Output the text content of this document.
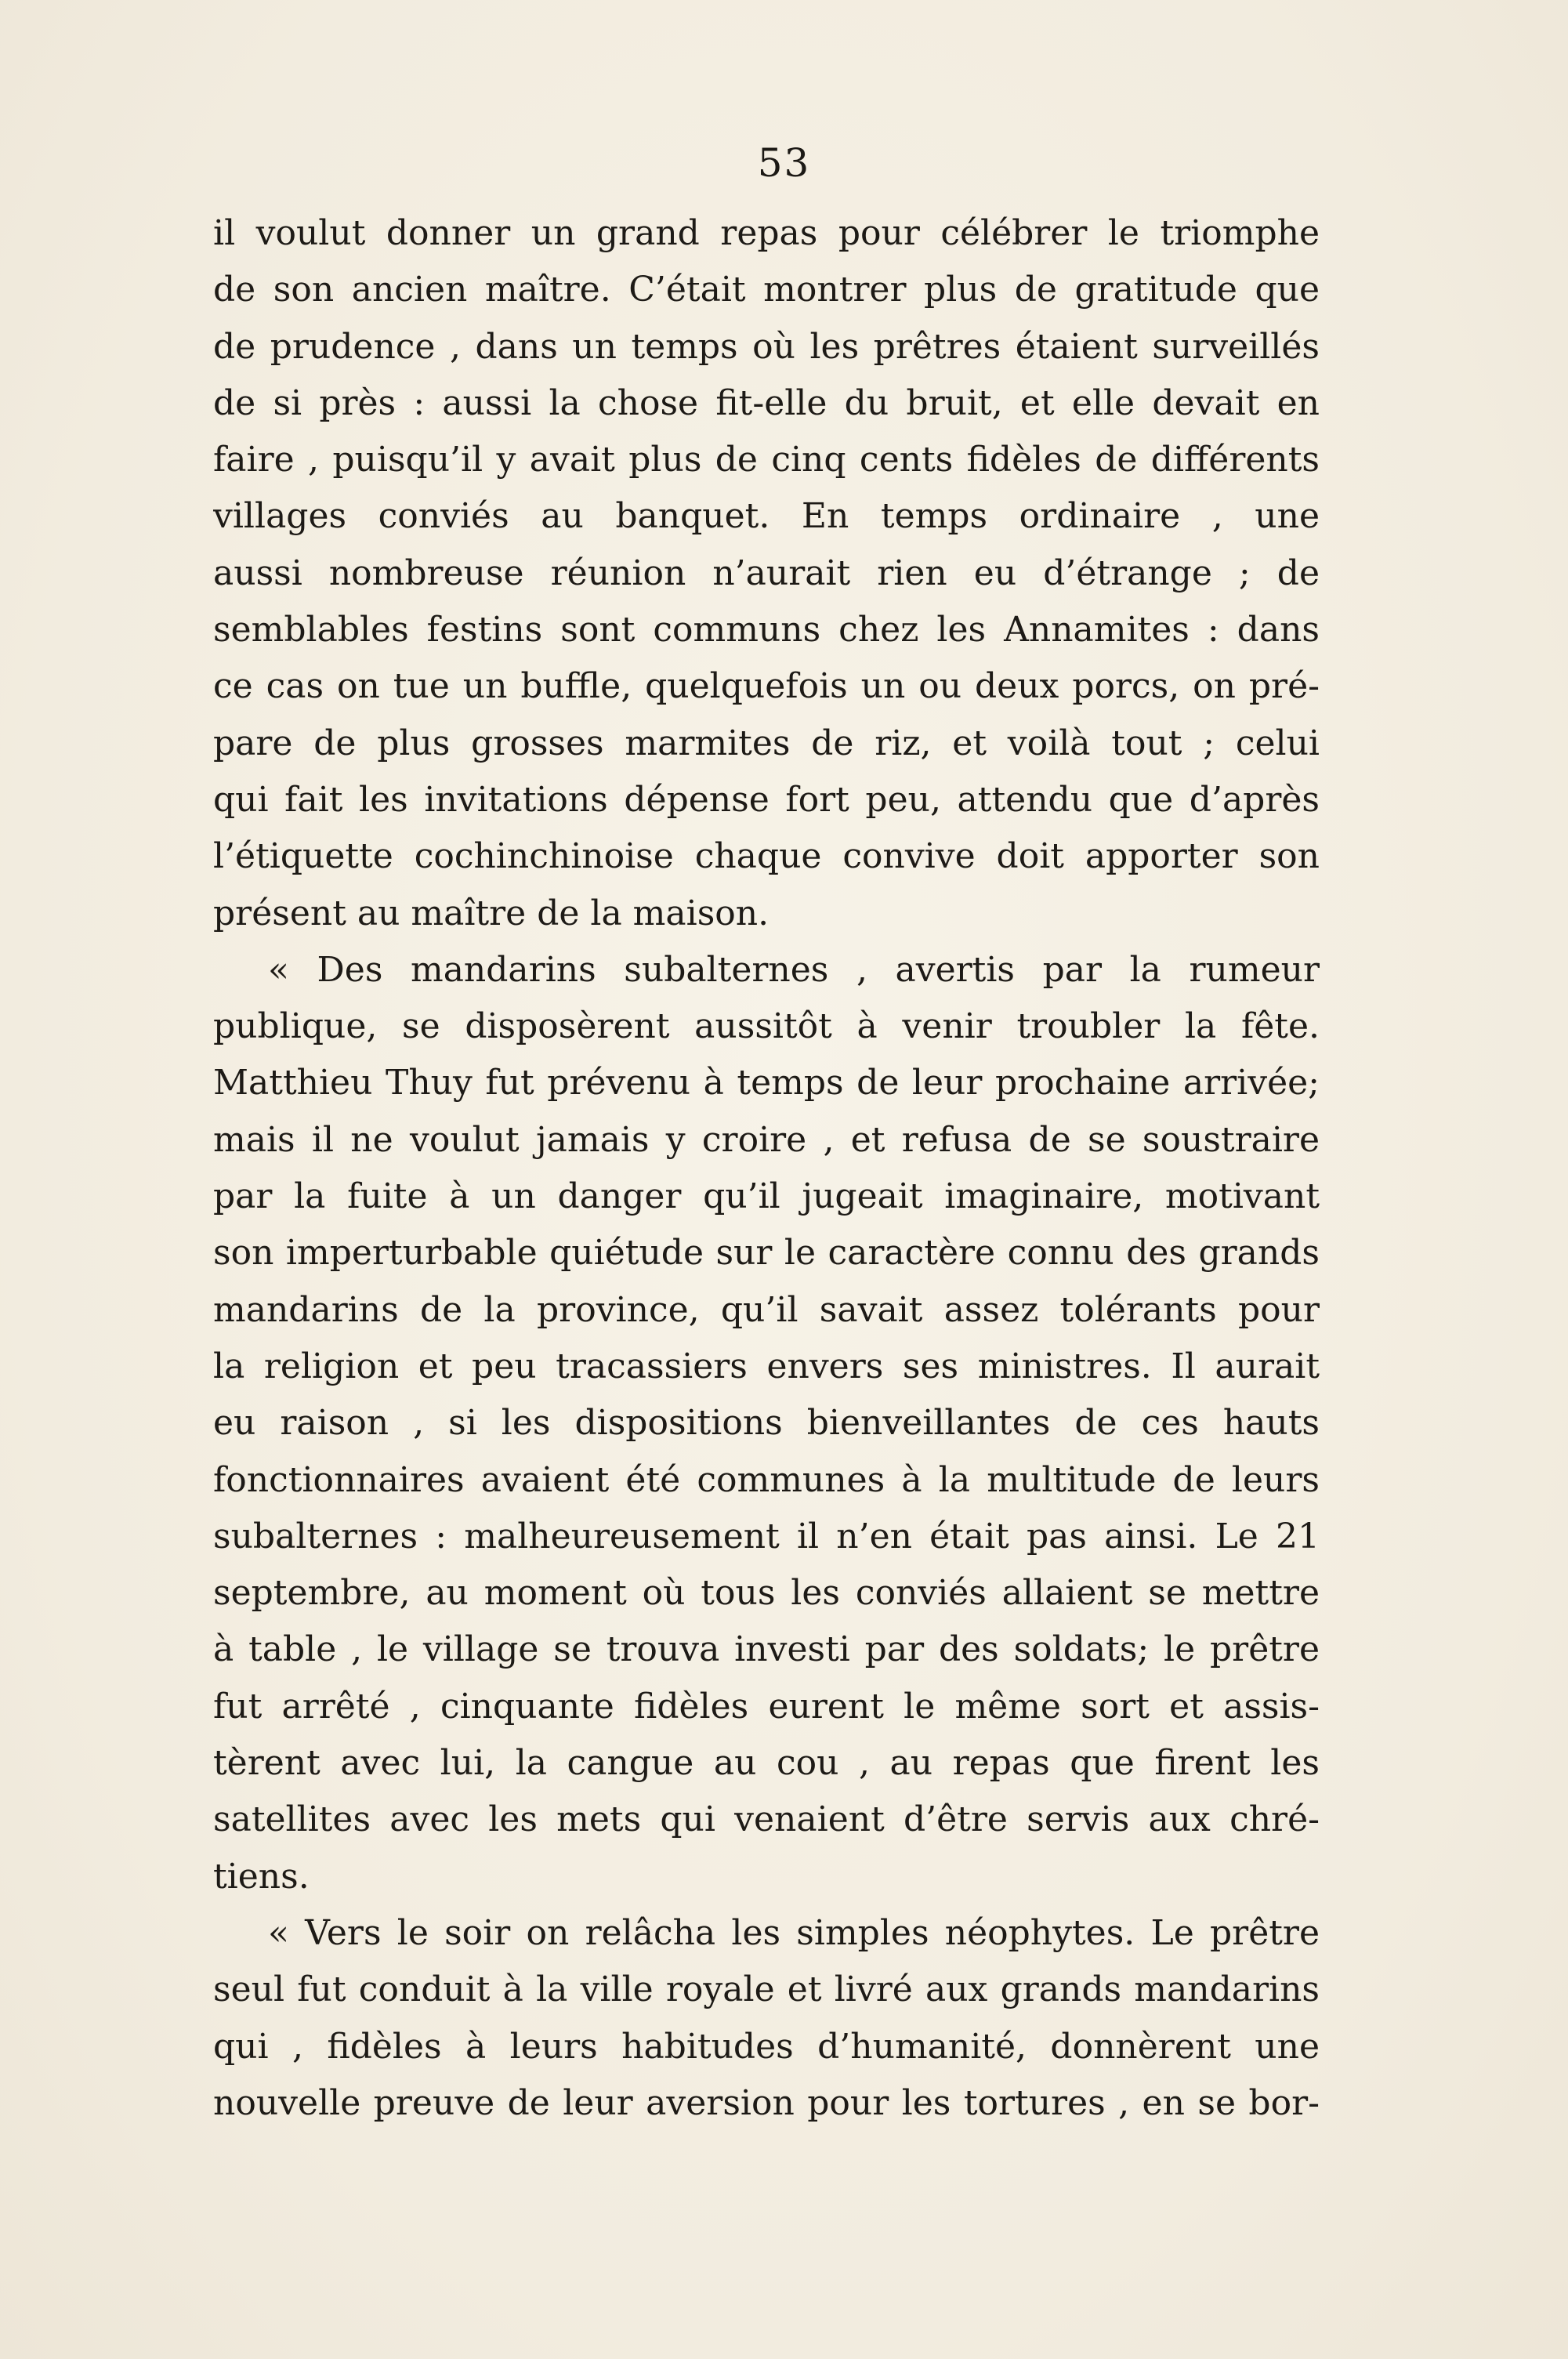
53
il voulut donner un grand repas pour célébrer le triomphe
de son ancien maître. C’était montrer plus de gratitude que
de prudence , dans un temps où les prêtres étaient surveillés
de si près : aussi la chose fit-elle du bruit, et elle devait en
faire , puisqu’il y avait plus de cinq cents fidèles de différents
villages conviés au banquet. En temps ordinaire , une
aussi nombreuse réunion n’aurait rien eu d’étrange ; de
semblables festins sont communs chez les Annamites : dans
ce cas on tue un buffle, quelquefois un ou deux porcs, on pré-
pare de plus grosses marmites de riz, et voilà tout ; celui
qui fait les invitations dépense fort peu, attendu que d’après
l’étiquette cochinchinoise chaque convive doit apporter son
présent au maître de la maison.
« Des mandarins subalternes , avertis par la rumeur
publique, se disposèrent aussitôt à venir troubler la fête.
Matthieu Thuy fut prévenu à temps de leur prochaine arrivée;
mais il ne voulut jamais y croire , et refusa de se soustraire
par la fuite à un danger qu’il jugeait imaginaire, motivant
son imperturbable quiétude sur le caractère connu des grands
mandarins de la province, qu’il savait assez tolérants pour
la religion et peu tracassiers envers ses ministres. Il aurait
eu raison , si les dispositions bienveillantes de ces hauts
fonctionnaires avaient été communes à la multitude de leurs
subalternes : malheureusement il n’en était pas ainsi. Le 21
septembre, au moment où tous les conviés allaient se mettre
à table , le village se trouva investi par des soldats; le prêtre
fut arrêté , cinquante fidèles eurent le même sort et assis-
tèrent avec lui, la cangue au cou , au repas que firent les
satellites avec les mets qui venaient d’être servis aux chré-
tiens.
« Vers le soir on relâcha les simples néophytes. Le prêtre
seul fut conduit à la ville royale et livré aux grands mandarins
qui , fidèles à leurs habitudes d’humanité, donnèrent une
nouvelle preuve de leur aversion pour les tortures , en se bor-
